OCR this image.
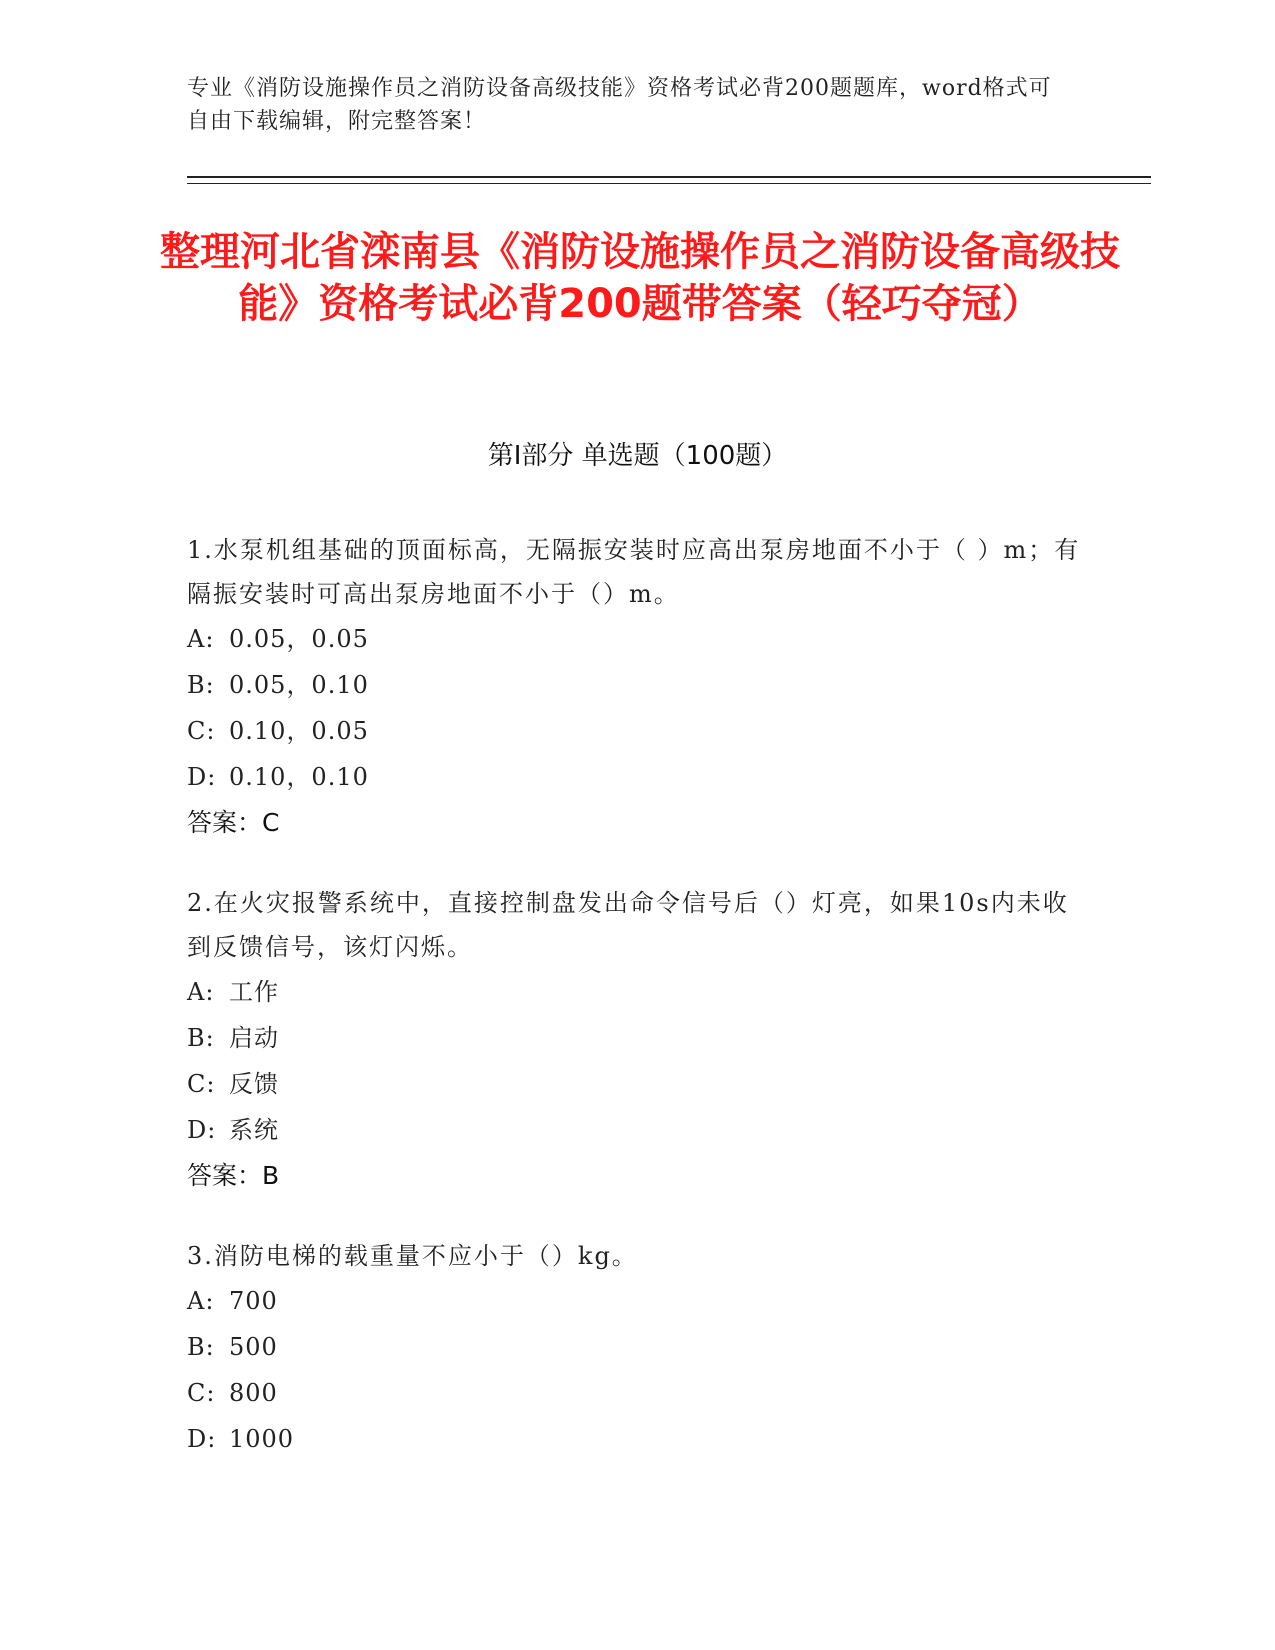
专业《消防设施操作员之消防设备高级技能》资格考试必背200题题库，word格式可自由下载编辑，附完整答案！
整理河北省滦南县《消防设施操作员之消防设备高级技能》资格考试必背200题带答案（轻巧夺冠）
第I部分 单选题（100题）
1.水泵机组基础的顶面标高，无隔振安装时应高出泵房地面不小于（ ）m；有隔振安装时可高出泵房地面不小于（）m。
A: 0.05，0.05
B: 0.05，0.10
C: 0.10，0.05
D: 0.10，0.10
答案：C
2.在火灾报警系统中，直接控制盘发出命令信号后（）灯亮，如果10s内未收到反馈信号，该灯闪烁。
A: 工作
B: 启动
C: 反馈
D: 系统
答案：B
3.消防电梯的载重量不应小于（）kg。
A: 700
B: 500
C: 800
D: 1000
